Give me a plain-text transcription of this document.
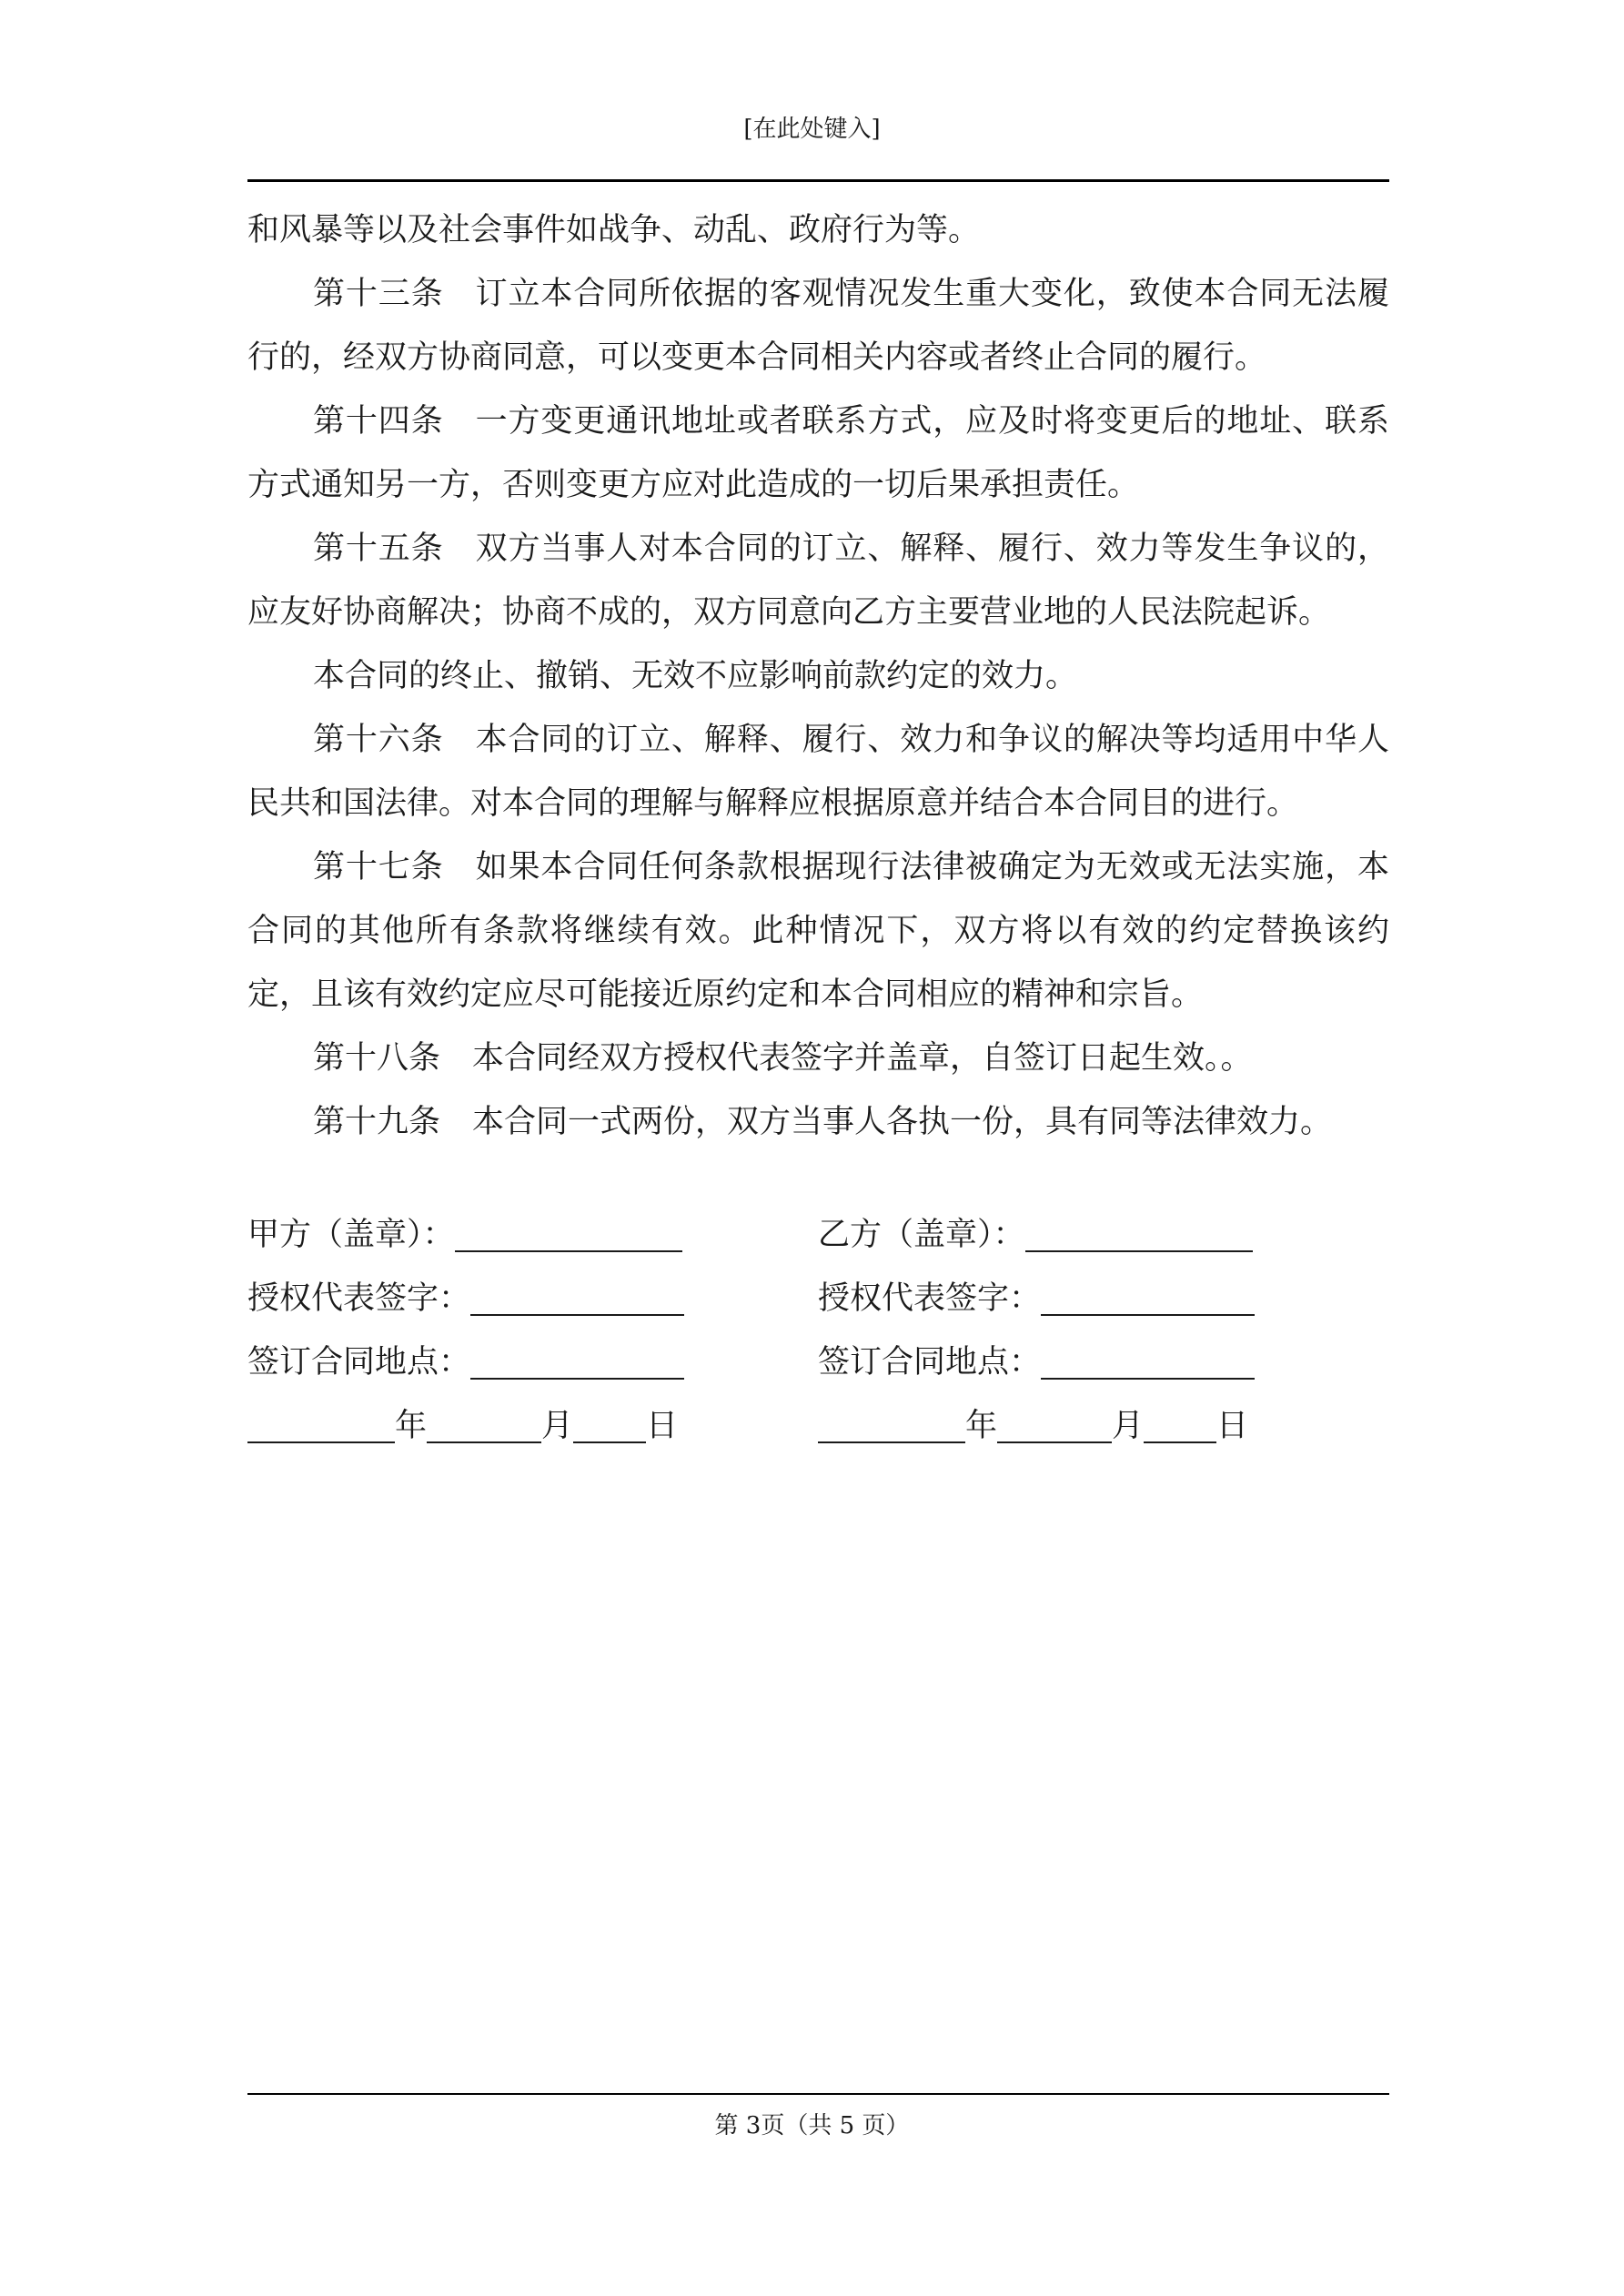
[在此处键入]

和风暴等以及社会事件如战争、动乱、政府行为等。

第十三条 订立本合同所依据的客观情况发生重大变化，致使本合同无法履行的，经双方协商同意，可以变更本合同相关内容或者终止合同的履行。

第十四条 一方变更通讯地址或者联系方式，应及时将变更后的地址、联系方式通知另一方，否则变更方应对此造成的一切后果承担责任。

第十五条 双方当事人对本合同的订立、解释、履行、效力等发生争议的，应友好协商解决；协商不成的，双方同意向乙方主要营业地的人民法院起诉。

本合同的终止、撤销、无效不应影响前款约定的效力。

第十六条 本合同的订立、解释、履行、效力和争议的解决等均适用中华人民共和国法律。对本合同的理解与解释应根据原意并结合本合同目的进行。

第十七条 如果本合同任何条款根据现行法律被确定为无效或无法实施，本合同的其他所有条款将继续有效。此种情况下，双方将以有效的约定替换该约定，且该有效约定应尽可能接近原约定和本合同相应的精神和宗旨。

第十八条 本合同经双方授权代表签字并盖章，自签订日起生效。。

第十九条 本合同一式两份，双方当事人各执一份，具有同等法律效力。

甲方（盖章）：	乙方（盖章）：
授权代表签字：	授权代表签字：
签订合同地点：	签订合同地点：
年	月 日	年	月 日
第 3页（共 5 页）
